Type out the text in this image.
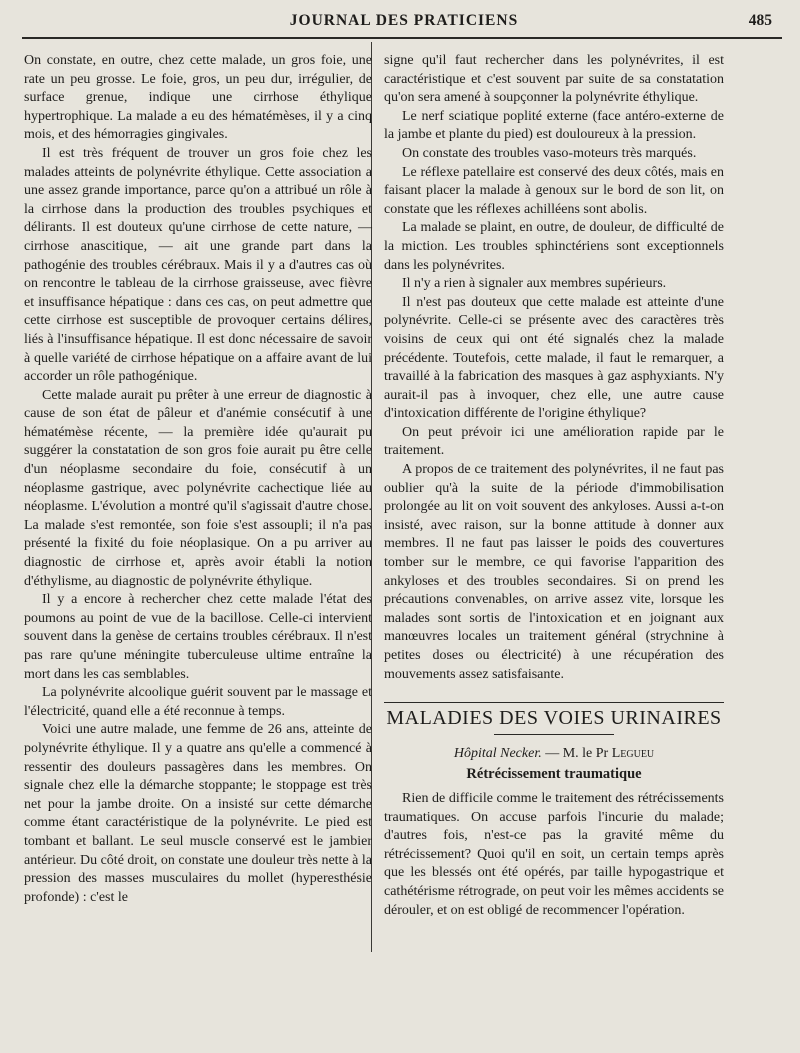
JOURNAL DES PRATICIENS	485

On constate, en outre, chez cette malade, un gros foie, une rate un peu grosse. Le foie, gros, un peu dur, irrégulier, de surface grenue, indique une cirrhose éthylique hypertrophique. La malade a eu des hématémèses, il y a cinq mois, et des hémorragies gingivales.

Il est très fréquent de trouver un gros foie chez les malades atteints de polynévrite éthylique. Cette association a une assez grande importance, parce qu'on a attribué un rôle à la cirrhose dans la production des troubles psychiques et délirants. Il est douteux qu'une cirrhose de cette nature, — cirrhose anascitique, — ait une grande part dans la pathogénie des troubles cérébraux. Mais il y a d'autres cas où on rencontre le tableau de la cirrhose graisseuse, avec fièvre et insuffisance hépatique : dans ces cas, on peut admettre que cette cirrhose est susceptible de provoquer certains délires, liés à l'insuffisance hépatique. Il est donc nécessaire de savoir à quelle variété de cirrhose hépatique on a affaire avant de lui accorder un rôle pathogénique.

Cette malade aurait pu prêter à une erreur de diagnostic à cause de son état de pâleur et d'anémie consécutif à une hématémèse récente, — la première idée qu'aurait pu suggérer la constatation de son gros foie aurait pu être celle d'un néoplasme secondaire du foie, consécutif à un néoplasme gastrique, avec polynévrite cachectique liée au néoplasme. L'évolution a montré qu'il s'agissait d'autre chose. La malade s'est remontée, son foie s'est assoupli; il n'a pas présenté la fixité du foie néoplasique. On a pu arriver au diagnostic de cirrhose et, après avoir établi la notion d'éthylisme, au diagnostic de polynévrite éthylique.

Il y a encore à rechercher chez cette malade l'état des poumons au point de vue de la bacillose. Celle-ci intervient souvent dans la genèse de certains troubles cérébraux. Il n'est pas rare qu'une méningite tuberculeuse ultime entraîne la mort dans les cas semblables.

La polynévrite alcoolique guérit souvent par le massage et l'électricité, quand elle a été reconnue à temps.

Voici une autre malade, une femme de 26 ans, atteinte de polynévrite éthylique. Il y a quatre ans qu'elle a commencé à ressentir des douleurs passagères dans les membres. On signale chez elle la démarche stoppante; le stoppage est très net pour la jambe droite. On a insisté sur cette démarche comme étant caractéristique de la polynévrite. Le pied est tombant et ballant. Le seul muscle conservé est le jambier antérieur. Du côté droit, on constate une douleur très nette à la pression des masses musculaires du mollet (hyperesthésie profonde) : c'est le

signe qu'il faut rechercher dans les polynévrites, il est caractéristique et c'est souvent par suite de sa constatation qu'on sera amené à soupçonner la polynévrite éthylique.

Le nerf sciatique poplité externe (face antéro-externe de la jambe et plante du pied) est douloureux à la pression.

On constate des troubles vaso-moteurs très marqués.

Le réflexe patellaire est conservé des deux côtés, mais en faisant placer la malade à genoux sur le bord de son lit, on constate que les réflexes achilléens sont abolis.

La malade se plaint, en outre, de douleur, de difficulté de la miction. Les troubles sphinctériens sont exceptionnels dans les polynévrites.

Il n'y a rien à signaler aux membres supérieurs.

Il n'est pas douteux que cette malade est atteinte d'une polynévrite. Celle-ci se présente avec des caractères très voisins de ceux qui ont été signalés chez la malade précédente. Toutefois, cette malade, il faut le remarquer, a travaillé à la fabrication des masques à gaz asphyxiants. N'y aurait-il pas à invoquer, chez elle, une autre cause d'intoxication différente de l'origine éthylique?

On peut prévoir ici une amélioration rapide par le traitement.

A propos de ce traitement des polynévrites, il ne faut pas oublier qu'à la suite de la période d'immobilisation prolongée au lit on voit souvent des ankyloses. Aussi a-t-on insisté, avec raison, sur la bonne attitude à donner aux membres. Il ne faut pas laisser le poids des couvertures tomber sur le membre, ce qui favorise l'apparition des ankyloses et des troubles secondaires. Si on prend les précautions convenables, on arrive assez vite, lorsque les malades sont sortis de l'intoxication et en joignant aux manœuvres locales un traitement général (strychnine à petites doses ou électricité) à une récupération des mouvements assez satisfaisante.

MALADIES DES VOIES URINAIRES
Hôpital Necker. — M. le Pr Legueu
Rétrécissement traumatique

Rien de difficile comme le traitement des rétrécissements traumatiques. On accuse parfois l'incurie du malade; d'autres fois, n'est-ce pas la gravité même du rétrécissement? Quoi qu'il en soit, un certain temps après que les blessés ont été opérés, par taille hypogastrique et cathétérisme rétrograde, on peut voir les mêmes accidents se dérouler, et on est obligé de recommencer l'opération.
